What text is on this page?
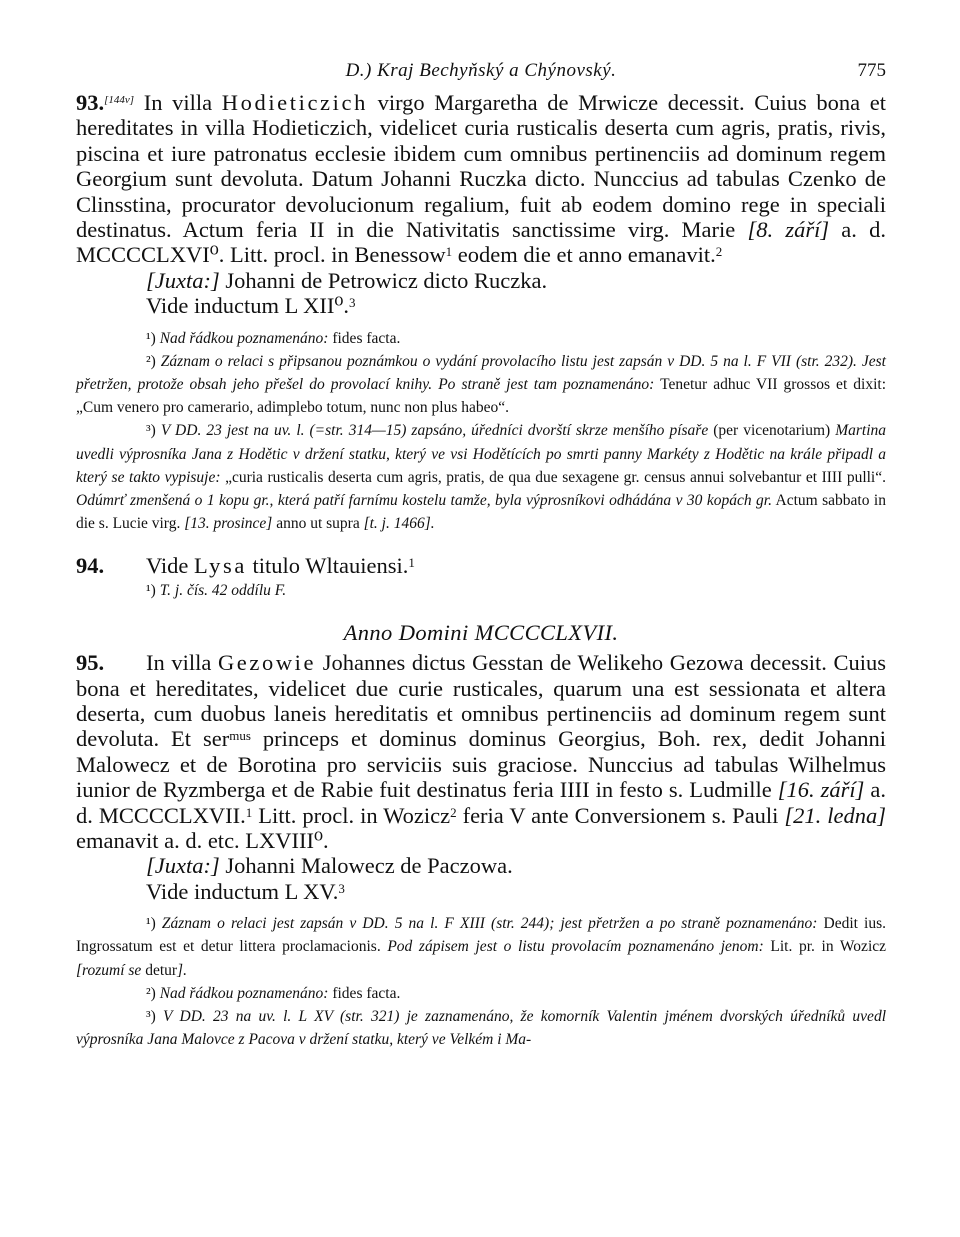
D.) Kraj Bechyňský a Chýnovský.	775

93.[144v] In villa Hodieticzich virgo Margaretha de Mrwicze decessit. Cuius bona et hereditates in villa Hodieticzich, videlicet curia rusticalis deserta cum agris, pratis, rivis, piscina et iure patronatus ecclesie ibidem cum omnibus pertinenciis ad dominum regem Georgium sunt devoluta. Datum Johanni Ruczka dicto. Nunccius ad tabulas Czenko de Clinsstina, procurator devolucionum regalium, fuit ab eodem domino rege in speciali destinatus. Actum feria II in die Nativitatis sanctissime virg. Marie [8. září] a. d. MCCCCLXVI⁰. Litt. procl. in Benessow$^1$ eodem die et anno emanavit.$^2$

[Juxta:] Johanni de Petrowicz dicto Ruczka.
Vide inductum L XII⁰.$^3$

¹) Nad řádkou poznamenáno: fides facta.

²) Záznam o relaci s připsanou poznámkou o vydání provolacího listu jest zapsán v DD. 5 na l. F VII (str. 232). Jest přetržen, protože obsah jeho přešel do provolací knihy. Po straně jest tam poznamenáno: Tenetur adhuc VII grossos et dixit: „Cum venero pro camerario, adimplebo totum, nunc non plus habeo“.

³) V DD. 23 jest na uv. l. (=str. 314—15) zapsáno, úředníci dvorští skrze menšího písaře (per vicenotarium) Martina uvedli výprosníka Jana z Hodětic v držení statku, který ve vsi Hodětících po smrti panny Markéty z Hodětic na krále připadl a který se takto vypisuje: „curia rusticalis deserta cum agris, pratis, de qua due sexagene gr. census annui solvebantur et IIII pulli“. Odúmrť zmenšená o 1 kopu gr., která patří farnímu kostelu tamže, byla výprosníkovi odhádána v 30 kopách gr. Actum sabbato in die s. Lucie virg. [13. prosince] anno ut supra [t. j. 1466].

94. Vide Lysa titulo Wltauiensi.$^1$

¹) T. j. čís. 42 oddílu F.

Anno Domini MCCCCLXVII.

95. In villa Gezowie Johannes dictus Gesstan de Welikeho Gezowa decessit. Cuius bona et hereditates, videlicet due curie rusticales, quarum una est sessionata et altera deserta, cum duobus laneis hereditatis et omnibus pertinenciis ad dominum regem sunt devoluta. Et ser$^{mus}$ princeps et dominus dominus Georgius, Boh. rex, dedit Johanni Malowecz et de Borotina pro serviciis suis graciose. Nunccius ad tabulas Wilhelmus iunior de Ryzmberga et de Rabie fuit destinatus feria IIII in festo s. Ludmille [16. září] a. d. MCCCCLXVII.$^1$ Litt. procl. in Wozicz$^2$ feria V ante Conversionem s. Pauli [21. ledna] emanavit a. d. etc. LXVIII⁰.

[Juxta:] Johanni Malowecz de Paczowa.
Vide inductum L XV.$^3$

¹) Záznam o relaci jest zapsán v DD. 5 na l. F XIII (str. 244); jest přetržen a po straně poznamenáno: Dedit ius. Ingrossatum est et detur littera proclamacionis. Pod zápisem jest o listu provolacím poznamenáno jenom: Lit. pr. in Wozicz [rozumí se detur].

²) Nad řádkou poznamenáno: fides facta.

³) V DD. 23 na uv. l. L XV (str. 321) je zaznamenáno, že komorník Valentin jménem dvorských úředníků uvedl výprosníka Jana Malovce z Pacova v držení statku, který ve Velkém i Ma-
